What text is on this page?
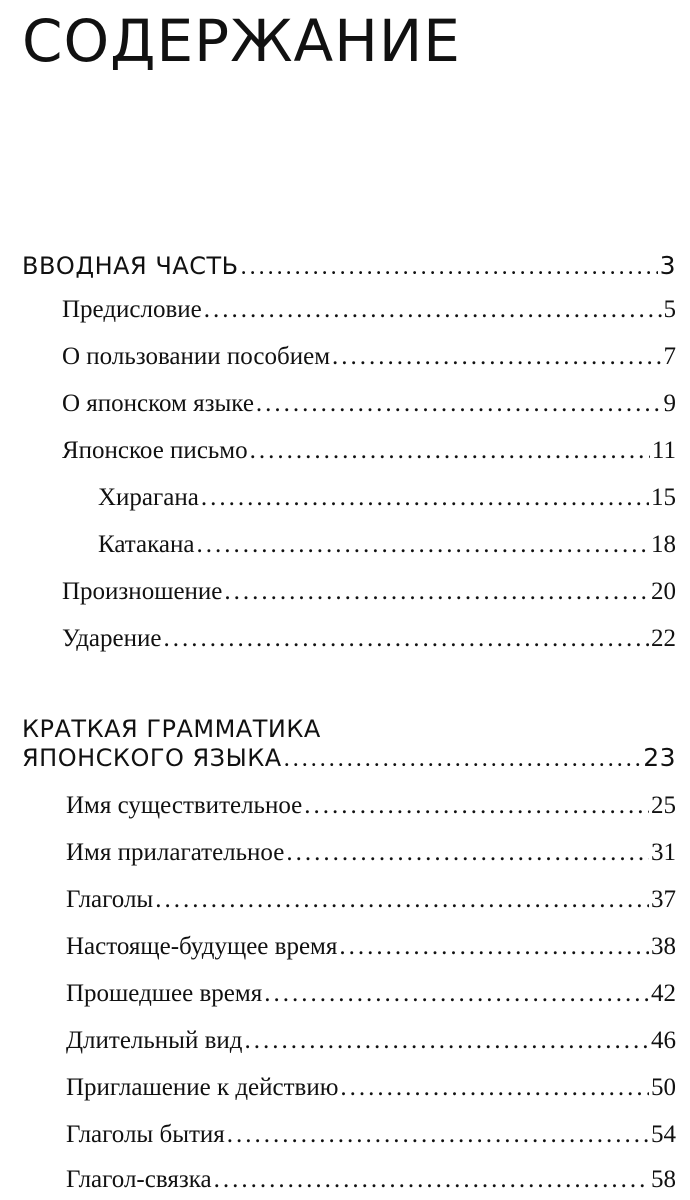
СОДЕРЖАНИЕ
ВВОДНАЯ ЧАСТЬ .....	3
Предисловие .....	5
О пользовании пособием .....	7
О японском языке .....	9
Японское письмо .....	11
Хирагана .....	15
Катакана .....	18
Произношение .....	20
Ударение .....	22
КРАТКАЯ ГРАММАТИКА
ЯПОНСКОГО ЯЗЫКА .....	23
Имя существительное .....	25
Имя прилагательное .....	31
Глаголы .....	37
Настояще-будущее время .....	38
Прошедшее время .....	42
Длительный вид .....	46
Приглашение к действию .....	50
Глаголы бытия .....	54
Глагол-связка .....	58
